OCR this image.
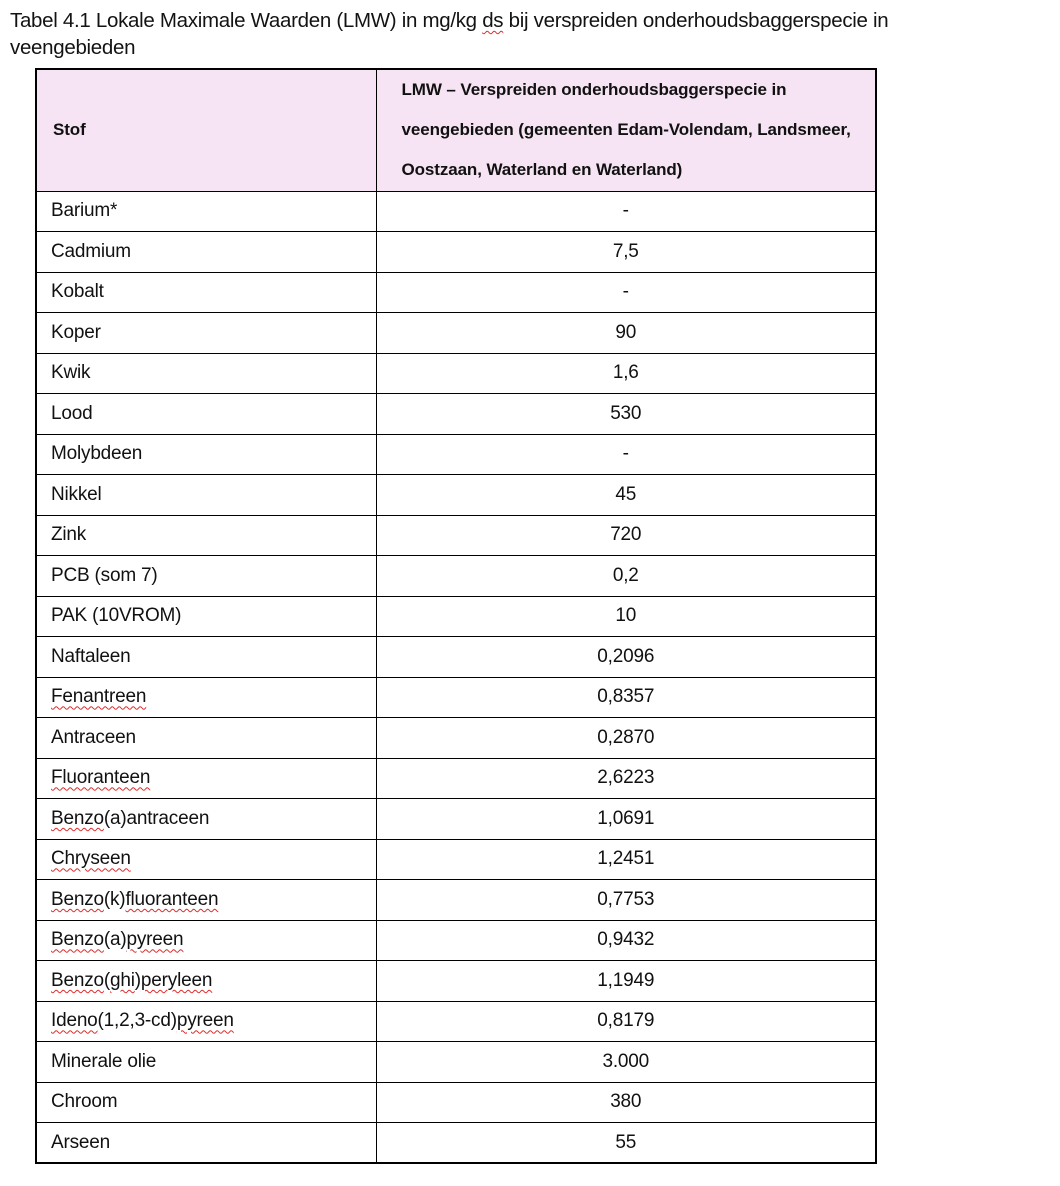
Tabel 4.1 Lokale Maximale Waarden (LMW) in mg/kg ds bij verspreiden onderhoudsbaggerspecie in
veengebieden
Stof	LMW – Verspreiden onderhoudsbaggerspecie in veengebieden (gemeenten Edam-Volendam, Landsmeer, Oostzaan, Waterland en Waterland)
Barium*	-
Cadmium	7,5
Kobalt	-
Koper	90
Kwik	1,6
Lood	530
Molybdeen	-
Nikkel	45
Zink	720
PCB (som 7)	0,2
PAK (10VROM)	10
Naftaleen	0,2096
Fenantreen	0,8357
Antraceen	0,2870
Fluoranteen	2,6223
Benzo(a)antraceen	1,0691
Chryseen	1,2451
Benzo(k)fluoranteen	0,7753
Benzo(a)pyreen	0,9432
Benzo(ghi)peryleen	1,1949
Ideno(1,2,3-cd)pyreen	0,8179
Minerale olie	3.000
Chroom	380
Arseen	55
